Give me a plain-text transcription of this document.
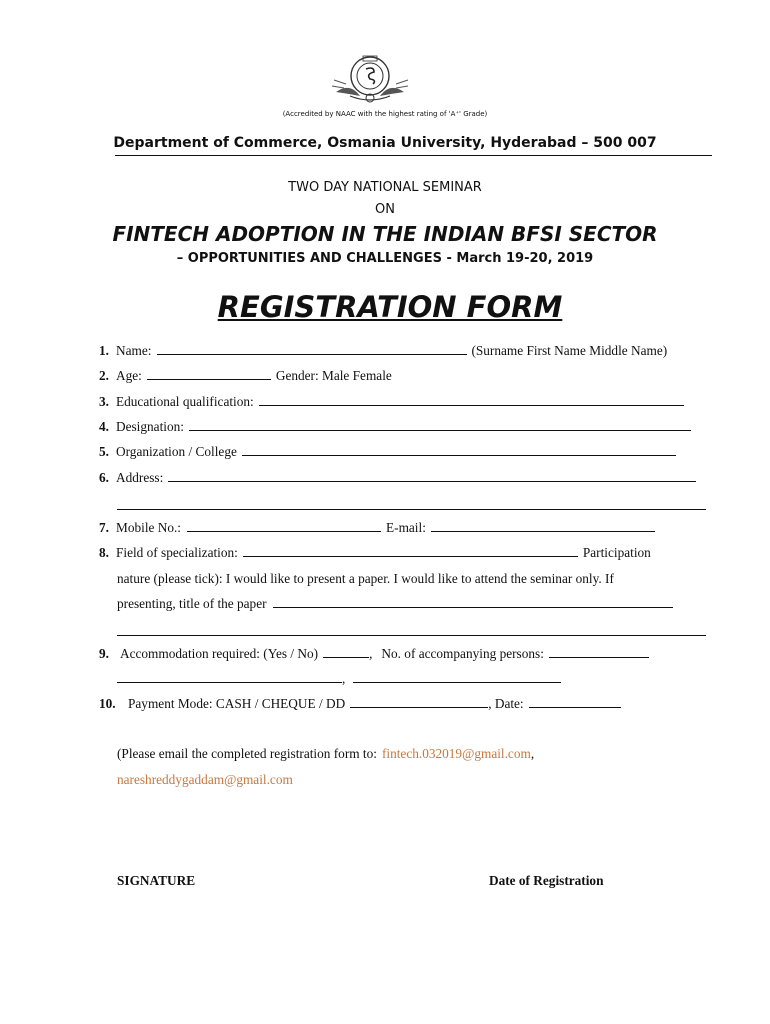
(Accredited by NAAC with the highest rating of 'A⁺' Grade)
Department of Commerce, Osmania University, Hyderabad – 500 007
TWO DAY NATIONAL SEMINAR
ON
FINTECH ADOPTION IN THE INDIAN BFSI SECTOR
– OPPORTUNITIES AND CHALLENGES - March 19-20, 2019
REGISTRATION FORM
1. Name:	(Surname First Name Middle Name)
2. Age:	Gender: Male Female
3. Educational qualification:
4. Designation:
5. Organization / College
6. Address:
7. Mobile No.:	E-mail:
8. Field of specialization:	Participation
nature (please tick): I would like to present a paper. I would like to attend the seminar only. If
presenting, title of the paper
9. Accommodation required: (Yes / No)	, No. of accompanying persons:
,
10. Payment Mode: CASH / CHEQUE / DD	, Date:
(Please email the completed registration form to: fintech.032019@gmail.com ,
nareshreddygaddam@gmail.com
SIGNATURE	Date of Registration
